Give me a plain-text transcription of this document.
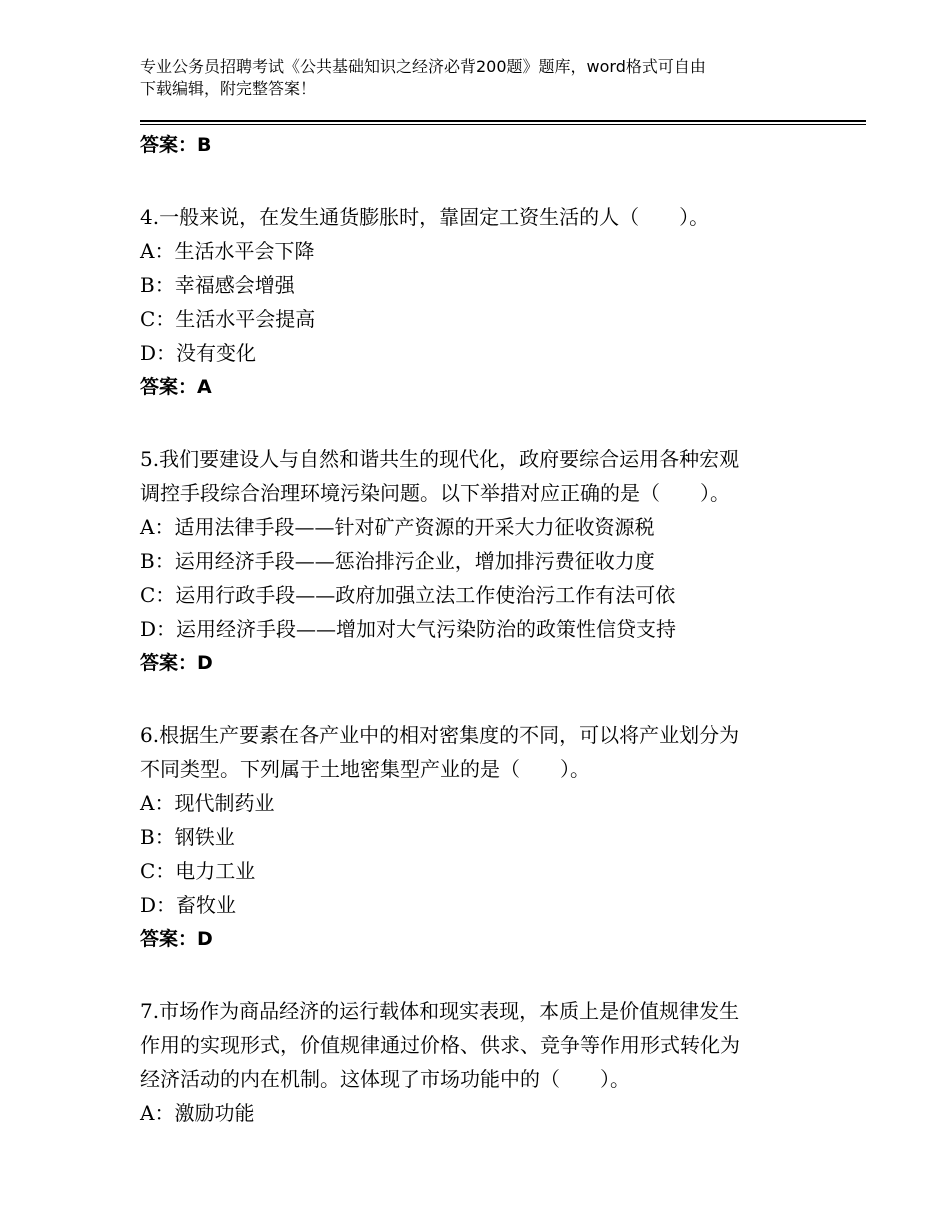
专业公务员招聘考试《公共基础知识之经济必背200题》题库，word格式可自由
下载编辑，附完整答案！
答案：B
4.一般来说，在发生通货膨胀时，靠固定工资生活的人（　　）。
A：生活水平会下降
B：幸福感会增强
C：生活水平会提高
D：没有变化
答案：A
5.我们要建设人与自然和谐共生的现代化，政府要综合运用各种宏观
调控手段综合治理环境污染问题。以下举措对应正确的是（　　）。
A：适用法律手段——针对矿产资源的开采大力征收资源税
B：运用经济手段——惩治排污企业，增加排污费征收力度
C：运用行政手段——政府加强立法工作使治污工作有法可依
D：运用经济手段——增加对大气污染防治的政策性信贷支持
答案：D
6.根据生产要素在各产业中的相对密集度的不同，可以将产业划分为
不同类型。下列属于土地密集型产业的是（　　）。
A：现代制药业
B：钢铁业
C：电力工业
D：畜牧业
答案：D
7.市场作为商品经济的运行载体和现实表现，本质上是价值规律发生
作用的实现形式，价值规律通过价格、供求、竞争等作用形式转化为
经济活动的内在机制。这体现了市场功能中的（　　）。
A：激励功能
